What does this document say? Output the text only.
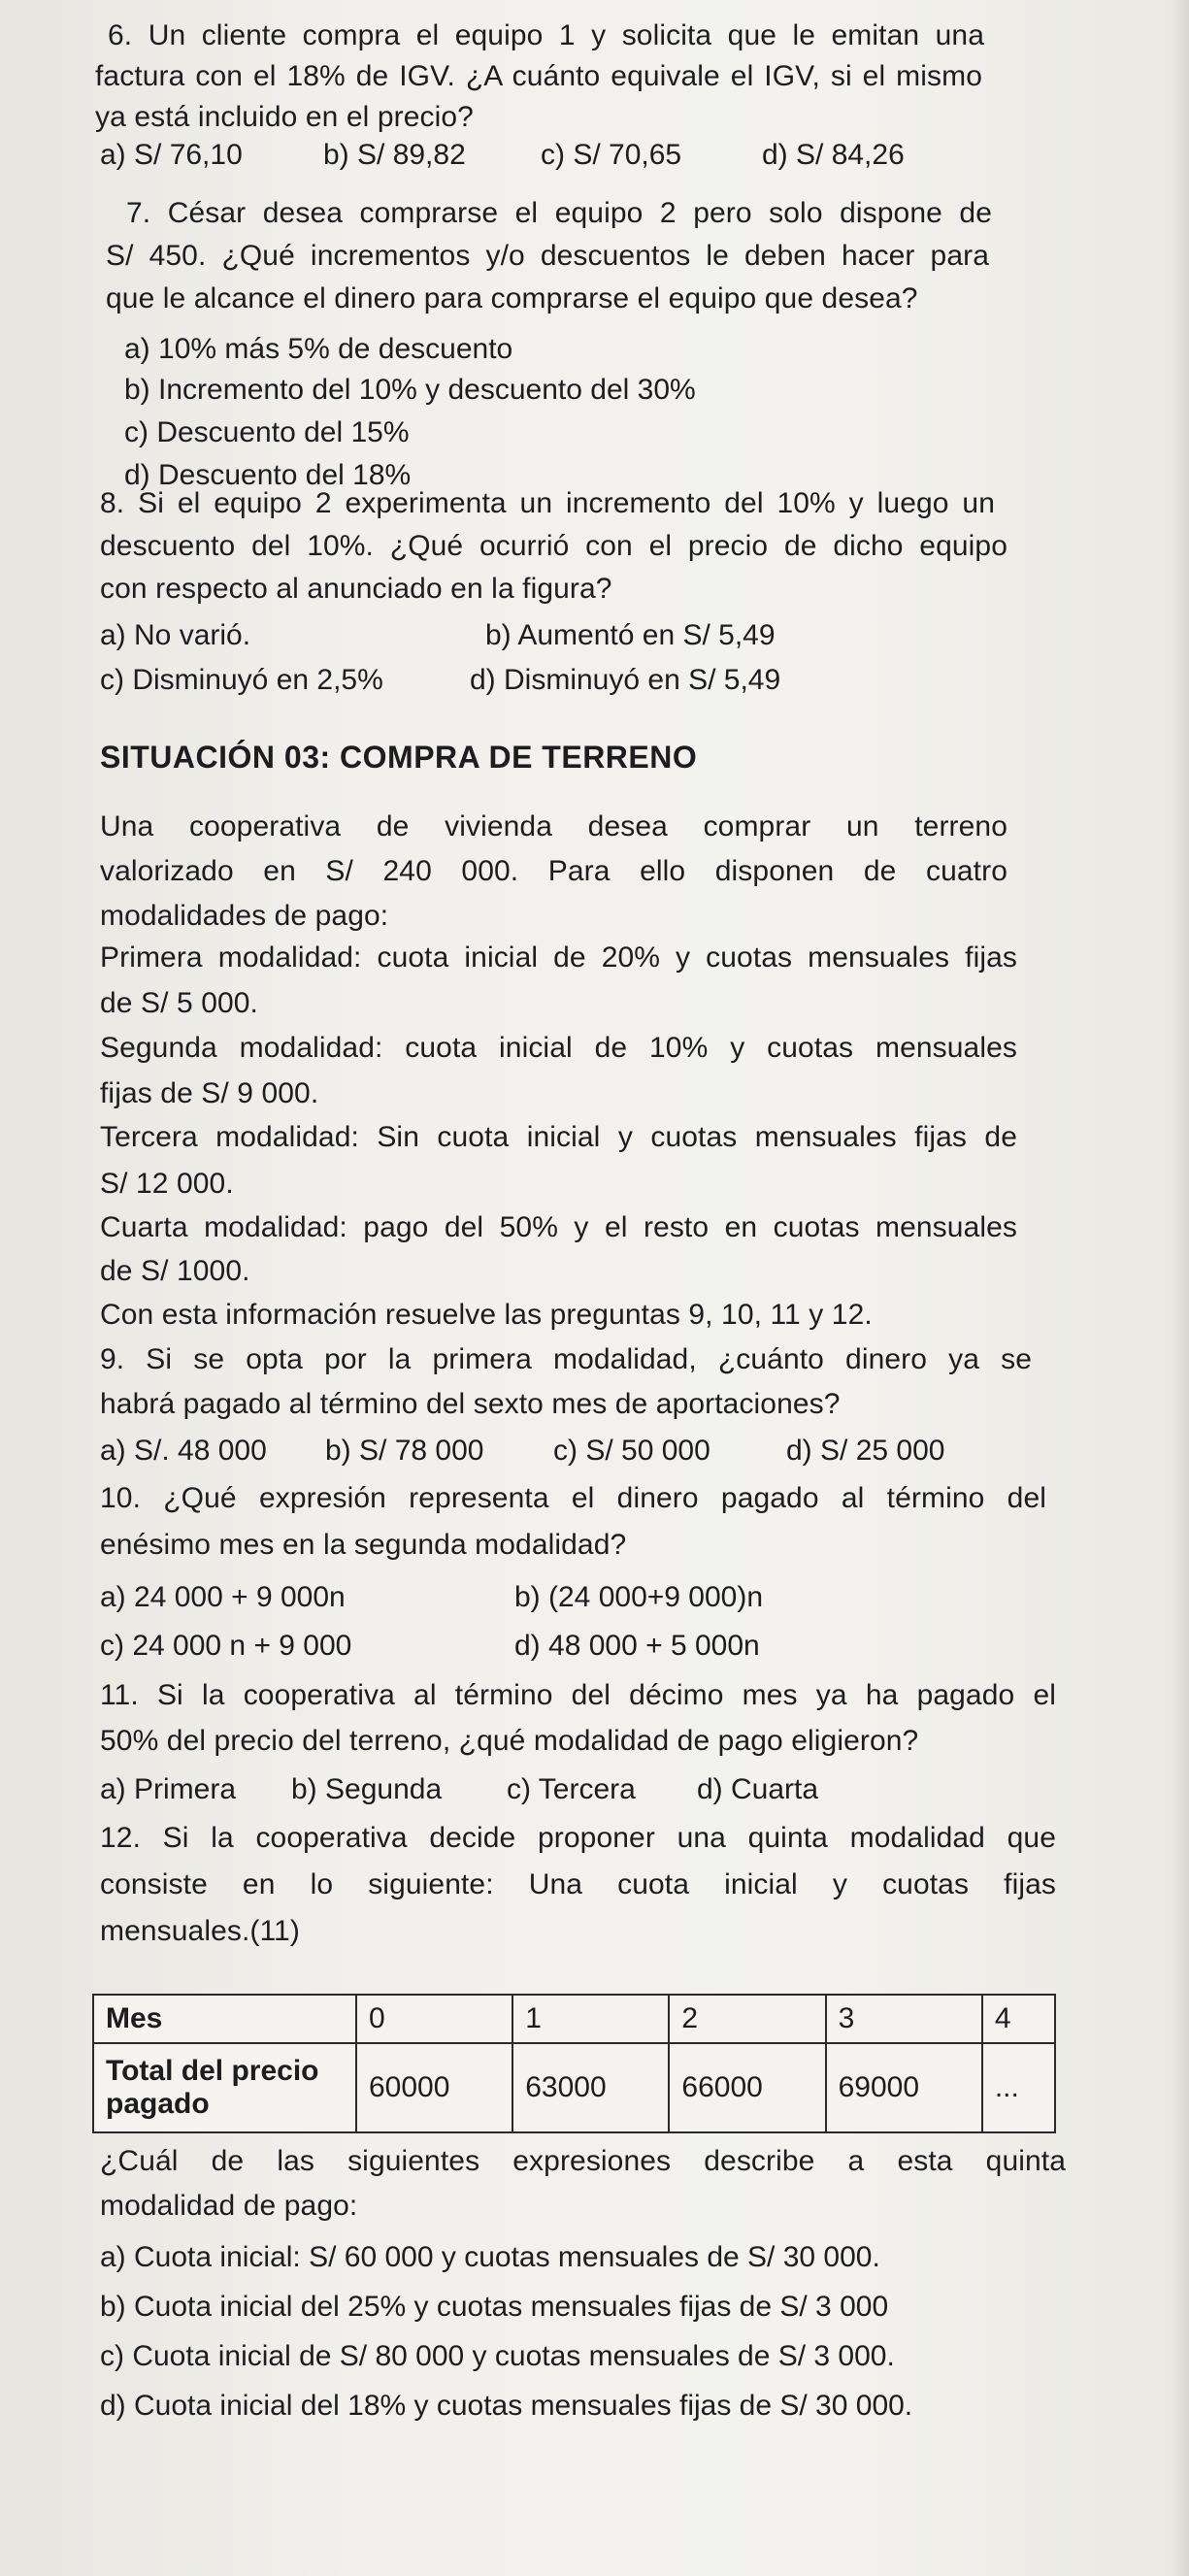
6. Un cliente compra el equipo 1 y solicita que le emitan una
factura con el 18% de IGV. ¿A cuánto equivale el IGV, si el mismo
ya está incluido en el precio?
a) S/ 76,10	b) S/ 89,82	c) S/ 70,65	d) S/ 84,26
7. César desea comprarse el equipo 2 pero solo dispone de
S/ 450. ¿Qué incrementos y/o descuentos le deben hacer para
que le alcance el dinero para comprarse el equipo que desea?
a) 10% más 5% de descuento
b) Incremento del 10% y descuento del 30%
c) Descuento del 15%
d) Descuento del 18%
8. Si el equipo 2 experimenta un incremento del 10% y luego un
descuento del 10%. ¿Qué ocurrió con el precio de dicho equipo
con respecto al anunciado en la figura?
a) No varió.	b) Aumentó en S/ 5,49
c) Disminuyó en 2,5%	d) Disminuyó en S/ 5,49
SITUACIÓN 03: COMPRA DE TERRENO
Una cooperativa de vivienda desea comprar un terreno
valorizado en S/ 240 000. Para ello disponen de cuatro
modalidades de pago:
Primera modalidad: cuota inicial de 20% y cuotas mensuales fijas
de S/ 5 000.
Segunda modalidad: cuota inicial de 10% y cuotas mensuales
fijas de S/ 9 000.
Tercera modalidad: Sin cuota inicial y cuotas mensuales fijas de
S/ 12 000.
Cuarta modalidad: pago del 50% y el resto en cuotas mensuales
de S/ 1000.
Con esta información resuelve las preguntas 9, 10, 11 y 12.
9. Si se opta por la primera modalidad, ¿cuánto dinero ya se
habrá pagado al término del sexto mes de aportaciones?
a) S/. 48 000 b) S/ 78 000 c) S/ 50 000	d) S/ 25 000
10. ¿Qué expresión representa el dinero pagado al término del
enésimo mes en la segunda modalidad?
a) 24 000 + 9 000n	b) (24 000+9 000)n
c) 24 000 n + 9 000	d) 48 000 + 5 000n
11. Si la cooperativa al término del décimo mes ya ha pagado el
50% del precio del terreno, ¿qué modalidad de pago eligieron?
a) Primera b) Segunda c) Tercera d) Cuarta
12. Si la cooperativa decide proponer una quinta modalidad que
consiste en lo siguiente: Una cuota inicial y cuotas fijas
mensuales.(11)
Mes	0	1	2	3	4

Total del precio
pagado	60000	63000	66000	69000	...
¿Cuál de las siguientes expresiones describe a esta quinta
modalidad de pago:
a) Cuota inicial: S/ 60 000 y cuotas mensuales de S/ 30 000.
b) Cuota inicial del 25% y cuotas mensuales fijas de S/ 3 000
c) Cuota inicial de S/ 80 000 y cuotas mensuales de S/ 3 000.
d) Cuota inicial del 18% y cuotas mensuales fijas de S/ 30 000.
